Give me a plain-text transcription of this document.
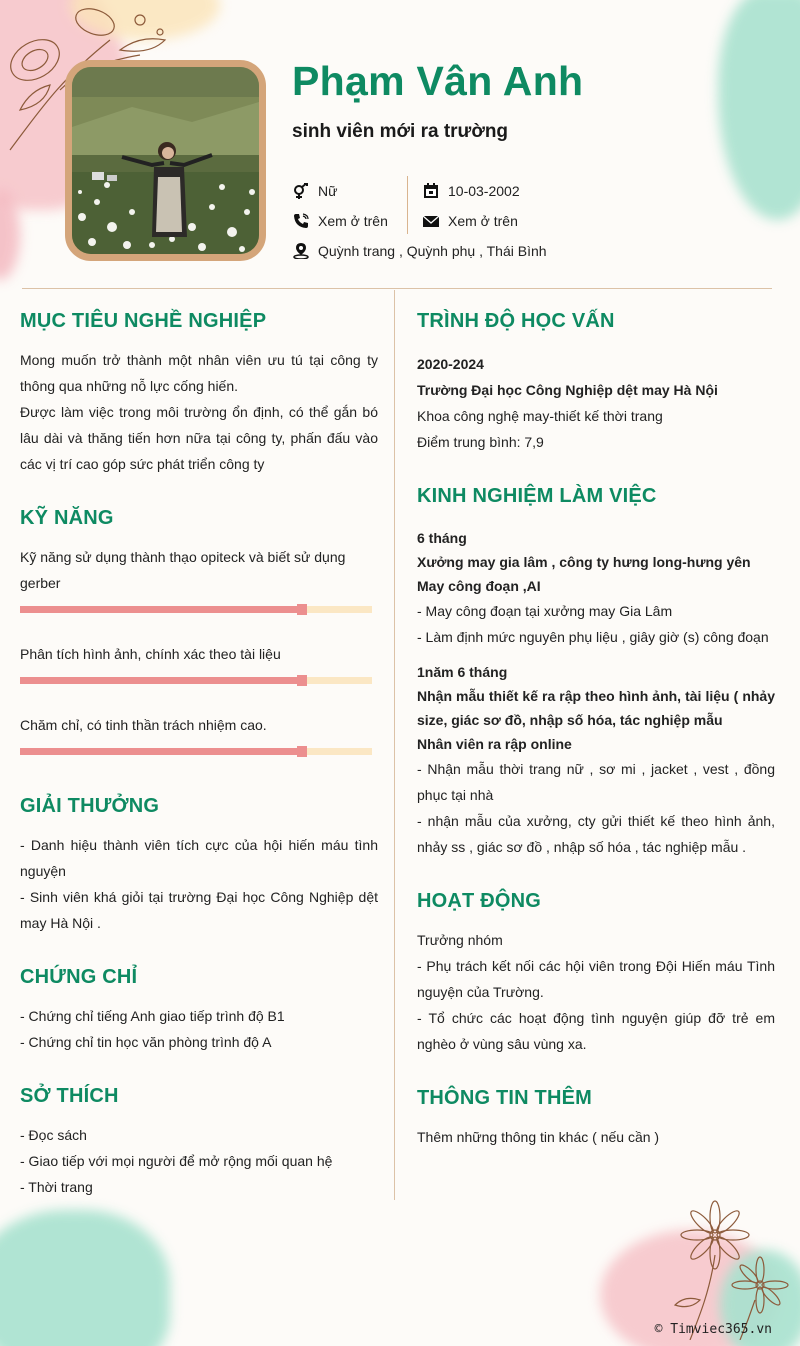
Phạm Vân Anh
sinh viên mới ra trường
Nữ
Xem ở trên
Quỳnh trang , Quỳnh phụ , Thái Bình
10-03-2002
Xem ở trên
MỤC TIÊU NGHỀ NGHIỆP
Mong muốn trở thành một nhân viên ưu tú tại công ty thông qua những nỗ lực cống hiến.
Được làm việc trong môi trường ổn định, có thể gắn bó lâu dài và thăng tiến hơn nữa tại công ty, phấn đấu vào các vị trí cao góp sức phát triển công ty
KỸ NĂNG
Kỹ năng sử dụng thành thạo opiteck và biết sử dụng gerber
Phân tích hình ảnh, chính xác theo tài liệu
Chăm chỉ, có tinh thần trách nhiệm cao.
GIẢI THƯỞNG
- Danh hiệu thành viên tích cực của hội hiến máu tình nguyện
- Sinh viên khá giỏi tại trường Đại học Công Nghiệp dệt may Hà Nội .
CHỨNG CHỈ
- Chứng chỉ tiếng Anh giao tiếp trình độ B1
- Chứng chỉ tin học văn phòng trình độ A
SỞ THÍCH
- Đọc sách
- Giao tiếp với mọi người để mở rộng mối quan hệ
- Thời trang
TRÌNH ĐỘ HỌC VẤN
2020-2024
Trường Đại học Công Nghiệp dệt may Hà Nội
Khoa công nghệ may-thiết kế thời trang
Điểm trung bình: 7,9
KINH NGHIỆM LÀM VIỆC
6 tháng
Xưởng may gia lâm , công ty hưng long-hưng yên
May công đoạn ,AI
- May công đoạn tại xưởng may Gia Lâm
- Làm định mức nguyên phụ liệu , giây giờ (s) công đoạn
1năm 6 tháng
Nhận mẫu thiết kế ra rập theo hình ảnh, tài liệu ( nhảy size, giác sơ đồ, nhập số hóa, tác nghiệp mẫu
Nhân viên ra rập online
- Nhận mẫu thời trang nữ , sơ mi , jacket , vest , đồng phục tại nhà
- nhận mẫu của xưởng, cty gửi thiết kế theo hình ảnh, nhảy ss , giác sơ đồ , nhập số hóa , tác nghiệp mẫu .
HOẠT ĐỘNG
Trưởng nhóm
- Phụ trách kết nối các hội viên trong Đội Hiến máu Tình nguyện của Trường.
- Tổ chức các hoạt động tình nguyện giúp đỡ trẻ em nghèo ở vùng sâu vùng xa.
THÔNG TIN THÊM
Thêm những thông tin khác ( nếu cần )
© Timviec365.vn
